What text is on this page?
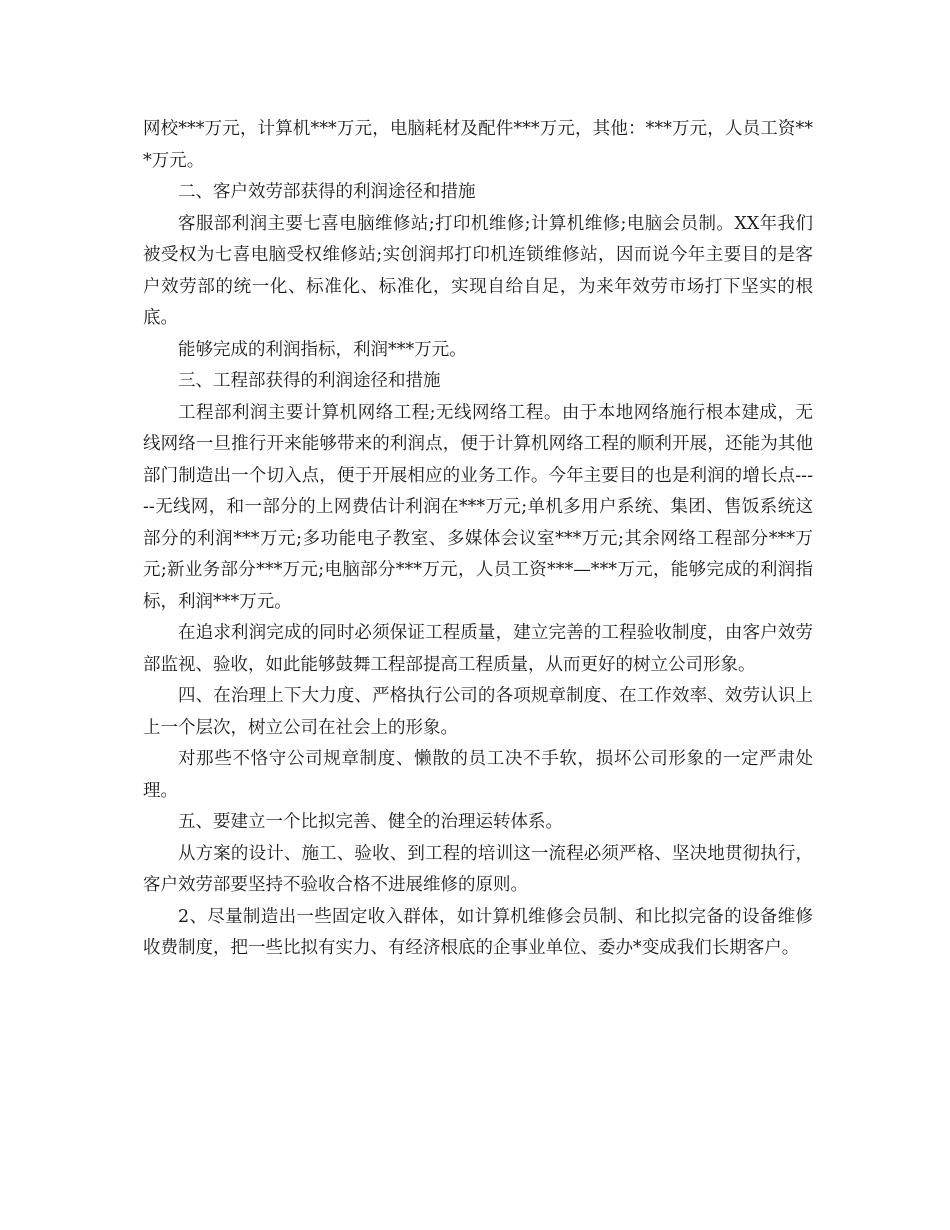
网校***万元，计算机***万元，电脑耗材及配件***万元，其他：***万元，人员工资***万元。

二、客户效劳部获得的利润途径和措施

客服部利润主要七喜电脑维修站;打印机维修;计算机维修;电脑会员制。XX年我们被受权为七喜电脑受权维修站;实创润邦打印机连锁维修站，因而说今年主要目的是客户效劳部的统一化、标准化、标准化，实现自给自足，为来年效劳市场打下坚实的根底。

能够完成的利润指标，利润***万元。

三、工程部获得的利润途径和措施

工程部利润主要计算机网络工程;无线网络工程。由于本地网络施行根本建成，无线网络一旦推行开来能够带来的利润点，便于计算机网络工程的顺利开展，还能为其他部门制造出一个切入点，便于开展相应的业务工作。今年主要目的也是利润的增长点-----无线网，和一部分的上网费估计利润在***万元;单机多用户系统、集团、售饭系统这部分的利润***万元;多功能电子教室、多媒体会议室***万元;其余网络工程部分***万元;新业务部分***万元;电脑部分***万元，人员工资***—***万元，能够完成的利润指标，利润***万元。

在追求利润完成的同时必须保证工程质量，建立完善的工程验收制度，由客户效劳部监视、验收，如此能够鼓舞工程部提高工程质量，从而更好的树立公司形象。

四、在治理上下大力度、严格执行公司的各项规章制度、在工作效率、效劳认识上上一个层次，树立公司在社会上的形象。

对那些不恪守公司规章制度、懒散的员工决不手软，损坏公司形象的一定严肃处理。

五、要建立一个比拟完善、健全的治理运转体系。

从方案的设计、施工、验收、到工程的培训这一流程必须严格、坚决地贯彻执行，客户效劳部要坚持不验收合格不进展维修的原则。

2、尽量制造出一些固定收入群体，如计算机维修会员制、和比拟完备的设备维修收费制度，把一些比拟有实力、有经济根底的企事业单位、委办*变成我们长期客户。
